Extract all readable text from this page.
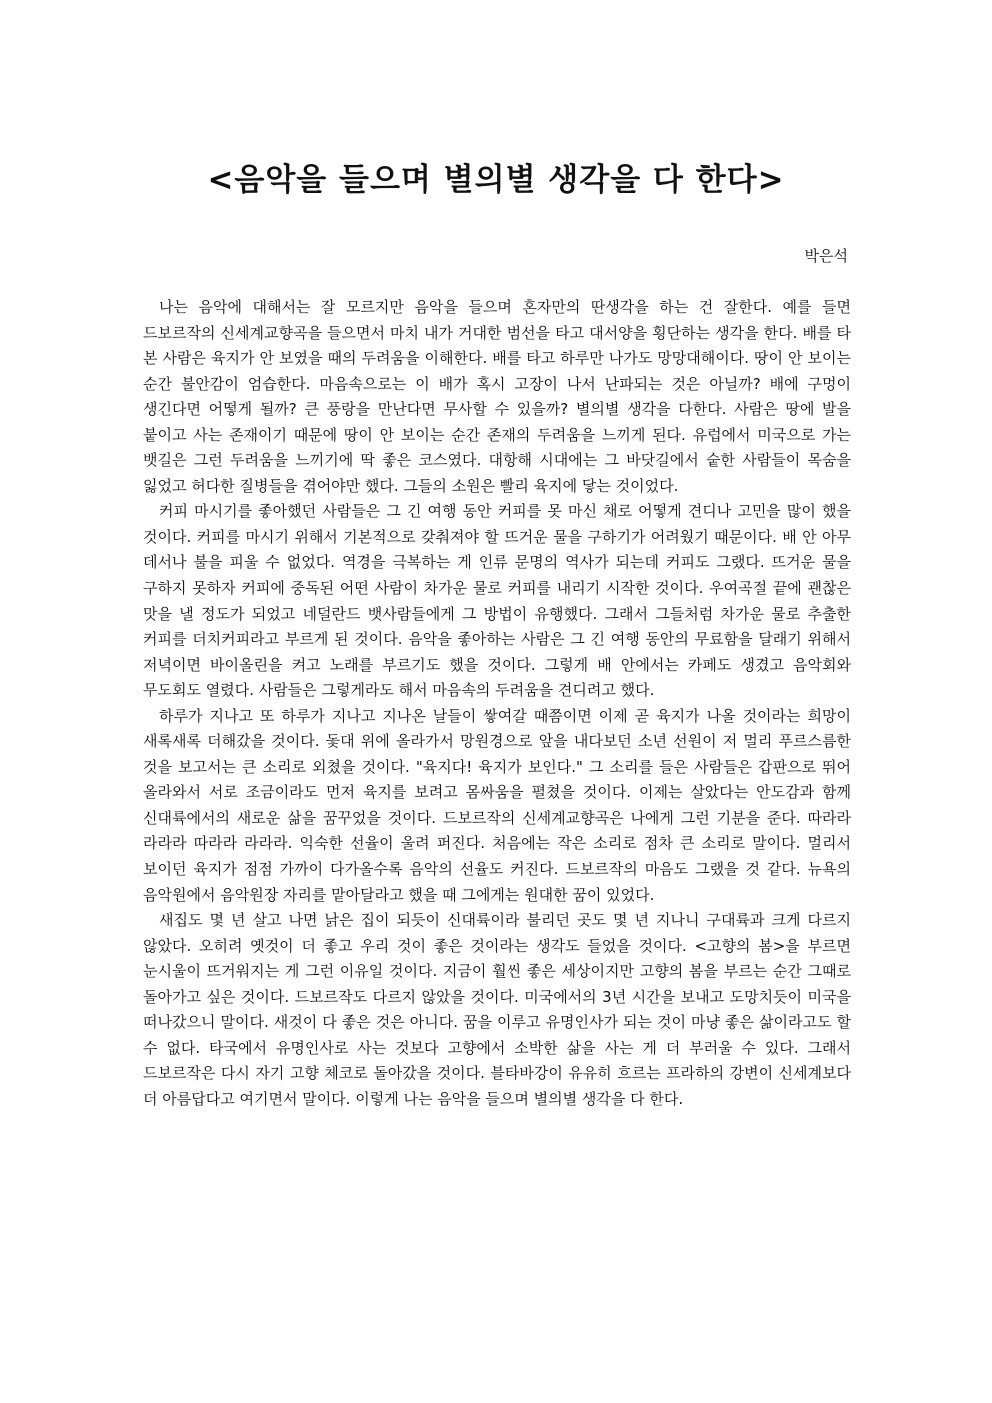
<음악을 들으며 별의별 생각을 다 한다>

박은석

나는 음악에 대해서는 잘 모르지만 음악을 들으며 혼자만의 딴생각을 하는 건 잘한다. 예를 들면 드보르작의 신세계교향곡을 들으면서 마치 내가 거대한 범선을 타고 대서양을 횡단하는 생각을 한다. 배를 타 본 사람은 육지가 안 보였을 때의 두려움을 이해한다. 배를 타고 하루만 나가도 망망대해이다. 땅이 안 보이는 순간 불안감이 엄습한다. 마음속으로는 이 배가 혹시 고장이 나서 난파되는 것은 아닐까? 배에 구멍이 생긴다면 어떻게 될까? 큰 풍랑을 만난다면 무사할 수 있을까? 별의별 생각을 다한다. 사람은 땅에 발을 붙이고 사는 존재이기 때문에 땅이 안 보이는 순간 존재의 두려움을 느끼게 된다. 유럽에서 미국으로 가는 뱃길은 그런 두려움을 느끼기에 딱 좋은 코스였다. 대항해 시대에는 그 바닷길에서 숱한 사람들이 목숨을 잃었고 허다한 질병들을 겪어야만 했다. 그들의 소원은 빨리 육지에 닿는 것이었다.

커피 마시기를 좋아했던 사람들은 그 긴 여행 동안 커피를 못 마신 채로 어떻게 견디나 고민을 많이 했을 것이다. 커피를 마시기 위해서 기본적으로 갖춰져야 할 뜨거운 물을 구하기가 어려웠기 때문이다. 배 안 아무 데서나 불을 피울 수 없었다. 역경을 극복하는 게 인류 문명의 역사가 되는데 커피도 그랬다. 뜨거운 물을 구하지 못하자 커피에 중독된 어떤 사람이 차가운 물로 커피를 내리기 시작한 것이다. 우여곡절 끝에 괜찮은 맛을 낼 정도가 되었고 네덜란드 뱃사람들에게 그 방법이 유행했다. 그래서 그들처럼 차가운 물로 추출한 커피를 더치커피라고 부르게 된 것이다. 음악을 좋아하는 사람은 그 긴 여행 동안의 무료함을 달래기 위해서 저녁이면 바이올린을 켜고 노래를 부르기도 했을 것이다. 그렇게 배 안에서는 카페도 생겼고 음악회와 무도회도 열렸다. 사람들은 그렇게라도 해서 마음속의 두려움을 견디려고 했다.

하루가 지나고 또 하루가 지나고 지나온 날들이 쌓여갈 때쯤이면 이제 곧 육지가 나올 것이라는 희망이 새록새록 더해갔을 것이다. 돛대 위에 올라가서 망원경으로 앞을 내다보던 소년 선원이 저 멀리 푸르스름한 것을 보고서는 큰 소리로 외쳤을 것이다. "육지다! 육지가 보인다." 그 소리를 들은 사람들은 갑판으로 뛰어 올라와서 서로 조금이라도 먼저 육지를 보려고 몸싸움을 펼쳤을 것이다. 이제는 살았다는 안도감과 함께 신대륙에서의 새로운 삶을 꿈꾸었을 것이다. 드보르작의 신세계교향곡은 나에게 그런 기분을 준다. 따라라 라라라 따라라 라라라. 익숙한 선율이 울려 퍼진다. 처음에는 작은 소리로 점차 큰 소리로 말이다. 멀리서 보이던 육지가 점점 가까이 다가올수록 음악의 선율도 커진다. 드보르작의 마음도 그랬을 것 같다. 뉴욕의 음악원에서 음악원장 자리를 맡아달라고 했을 때 그에게는 원대한 꿈이 있었다.

새집도 몇 년 살고 나면 낡은 집이 되듯이 신대륙이라 불리던 곳도 몇 년 지나니 구대륙과 크게 다르지 않았다. 오히려 옛것이 더 좋고 우리 것이 좋은 것이라는 생각도 들었을 것이다. <고향의 봄>을 부르면 눈시울이 뜨거워지는 게 그런 이유일 것이다. 지금이 훨씬 좋은 세상이지만 고향의 봄을 부르는 순간 그때로 돌아가고 싶은 것이다. 드보르작도 다르지 않았을 것이다. 미국에서의 3년 시간을 보내고 도망치듯이 미국을 떠나갔으니 말이다. 새것이 다 좋은 것은 아니다. 꿈을 이루고 유명인사가 되는 것이 마냥 좋은 삶이라고도 할 수 없다. 타국에서 유명인사로 사는 것보다 고향에서 소박한 삶을 사는 게 더 부러울 수 있다. 그래서 드보르작은 다시 자기 고향 체코로 돌아갔을 것이다. 블타바강이 유유히 흐르는 프라하의 강변이 신세계보다 더 아름답다고 여기면서 말이다. 이렇게 나는 음악을 들으며 별의별 생각을 다 한다.
